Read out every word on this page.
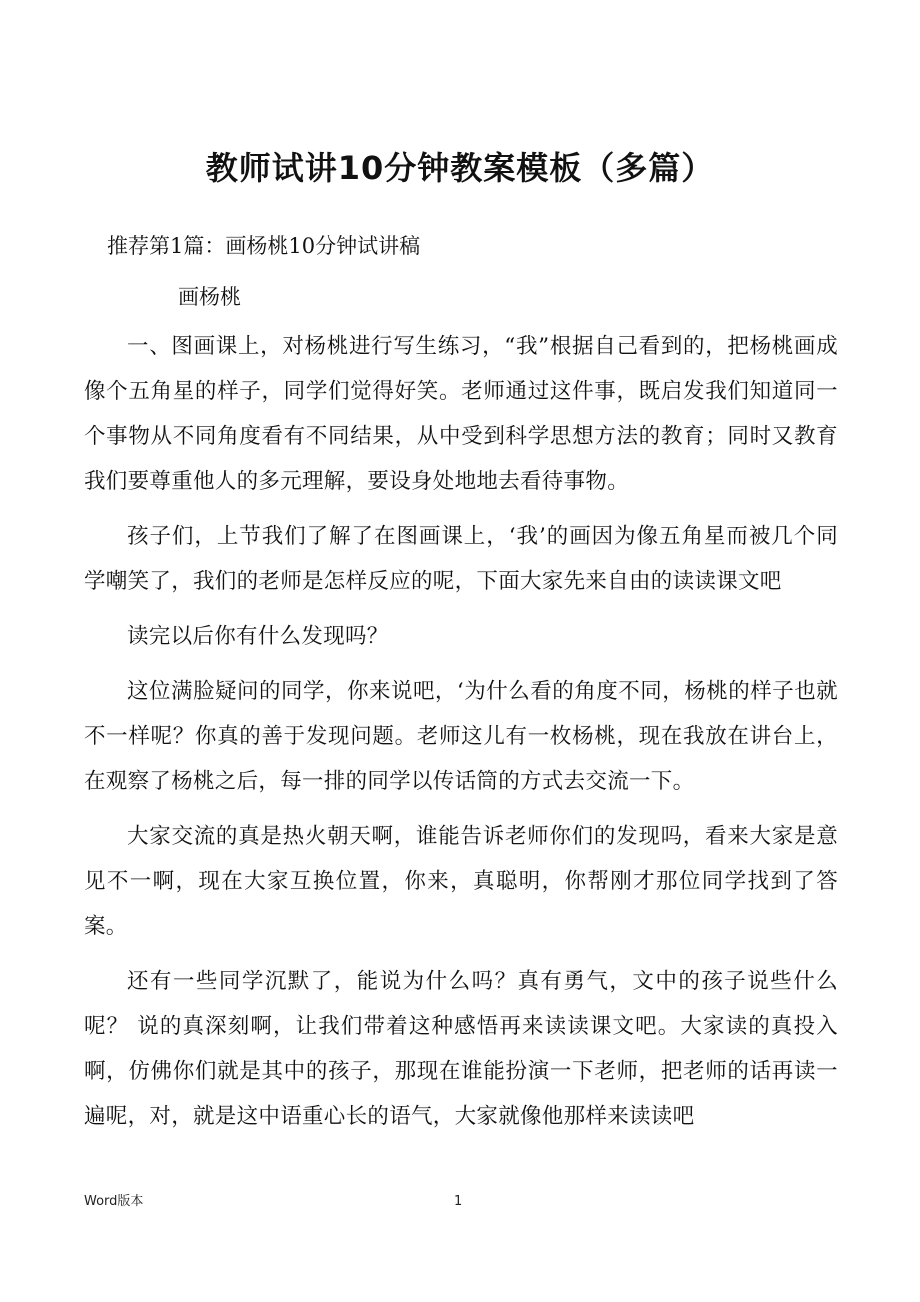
教师试讲10分钟教案模板（多篇）

推荐第1篇：画杨桃10分钟试讲稿

画杨桃

一、图画课上，对杨桃进行写生练习，“我”根据自己看到的，把杨桃画成像个五角星的样子，同学们觉得好笑。老师通过这件事，既启发我们知道同一个事物从不同角度看有不同结果，从中受到科学思想方法的教育；同时又教育我们要尊重他人的多元理解，要设身处地地去看待事物。

孩子们，上节我们了解了在图画课上，‘我’的画因为像五角星而被几个同学嘲笑了，我们的老师是怎样反应的呢，下面大家先来自由的读读课文吧

读完以后你有什么发现吗？

这位满脸疑问的同学，你来说吧，‘为什么看的角度不同，杨桃的样子也就不一样呢？你真的善于发现问题。老师这儿有一枚杨桃，现在我放在讲台上，在观察了杨桃之后，每一排的同学以传话筒的方式去交流一下。

大家交流的真是热火朝天啊，谁能告诉老师你们的发现吗，看来大家是意见不一啊，现在大家互换位置，你来，真聪明，你帮刚才那位同学找到了答案。

还有一些同学沉默了，能说为什么吗？真有勇气，文中的孩子说些什么呢？ 说的真深刻啊，让我们带着这种感悟再来读读课文吧。大家读的真投入啊，仿佛你们就是其中的孩子，那现在谁能扮演一下老师，把老师的话再读一遍呢，对，就是这中语重心长的语气，大家就像他那样来读读吧

Word版本	1
